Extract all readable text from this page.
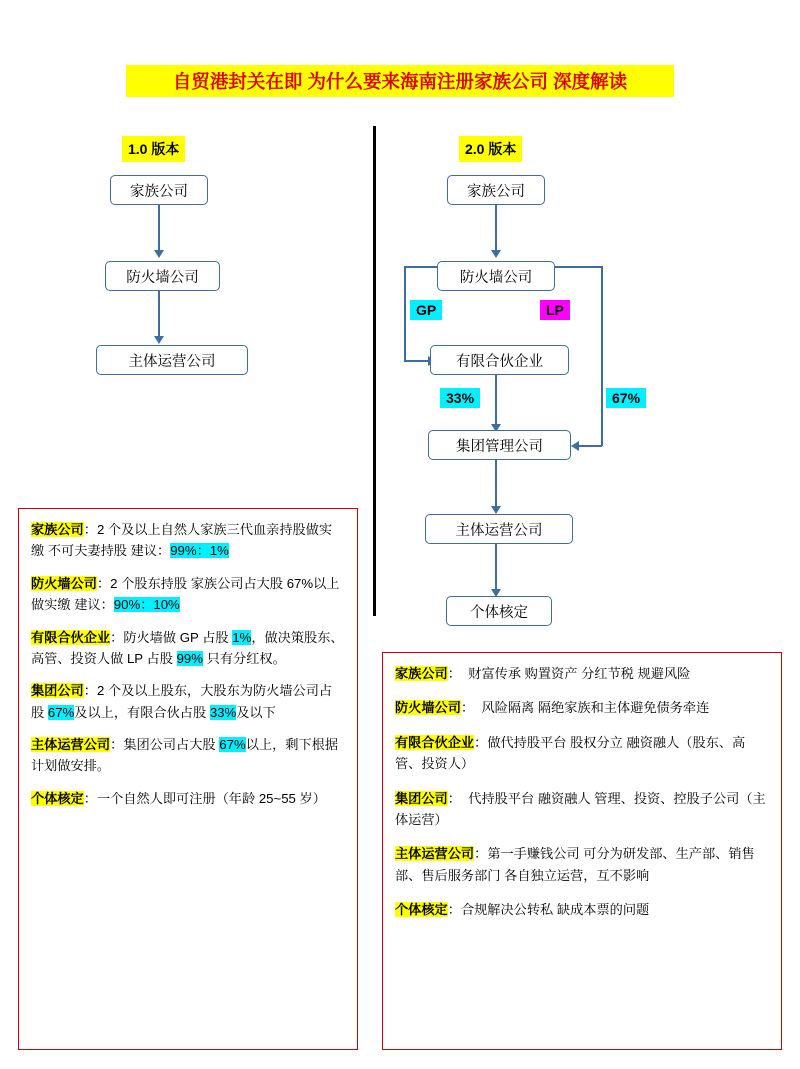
自贸港封关在即 为什么要来海南注册家族公司 深度解读
1.0 版本	2.0 版本
家族公司
防火墙公司
主体运营公司
家族公司
防火墙公司
GP	LP
有限合伙企业
33%	67%
集团管理公司
主体运营公司
个体核定

家族公司：2 个及以上自然人家族三代血亲持股做实缴 不可夫妻持股 建议：99%：1%

防火墙公司：2 个股东持股 家族公司占大股 67%以上 做实缴 建议：90%：10%

有限合伙企业：防火墙做 GP 占股 1%，做决策股东、高管、投资人做 LP 占股 99% 只有分红权。

集团公司：2 个及以上股东，大股东为防火墙公司占股 67%及以上，有限合伙占股 33%及以下

主体运营公司：集团公司占大股 67%以上，剩下根据计划做安排。

个体核定：一个自然人即可注册（年龄 25~55 岁）

家族公司： 财富传承 购置资产 分红节税 规避风险

防火墙公司： 风险隔离 隔绝家族和主体避免债务牵连

有限合伙企业：做代持股平台 股权分立 融资融人（股东、高管、投资人）

集团公司： 代持股平台 融资融人 管理、投资、控股子公司（主体运营）

主体运营公司：第一手赚钱公司 可分为研发部、生产部、销售部、售后服务部门 各自独立运营，互不影响

个体核定：合规解决公转私 缺成本票的问题
